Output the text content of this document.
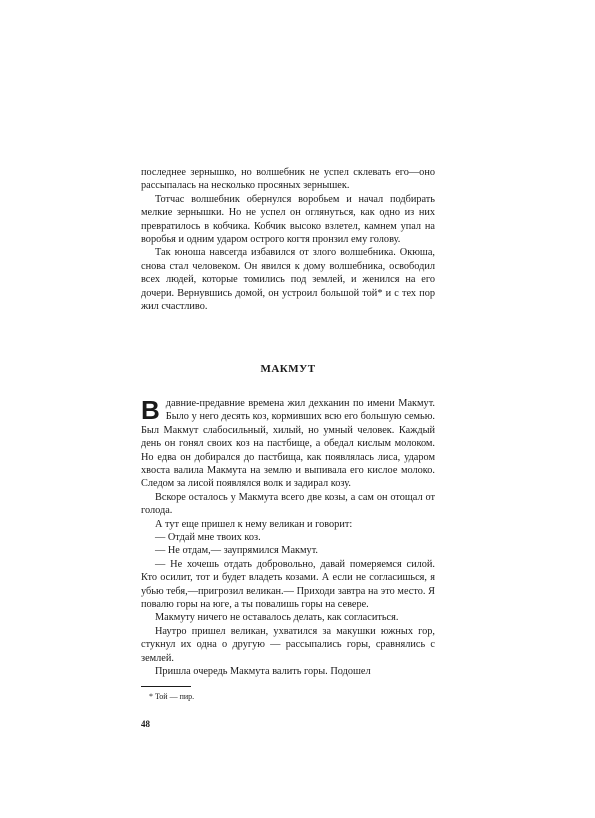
последнее зернышко, но волшебник не успел склевать его—оно рассыпалась на несколько просяных зернышек.

Тотчас волшебник обернулся воробьем и начал подбирать мелкие зернышки. Но не успел он оглянуться, как одно из них превратилось в кобчика. Кобчик высоко взлетел, камнем упал на воробья и одним ударом острого когтя пронзил ему голову.

Так юноша навсегда избавился от злого волшебника. Окюша, снова стал человеком. Он явился к дому волшебника, освободил всех людей, которые томились под землей, и женился на его дочери. Вернувшись домой, он устроил большой той* и с тех пор жил счастливо.

МАКМУТ

Вдавние-предавние времена жил дехканин по имени Макмут. Было у него десять коз, кормивших всю его большую семью. Был Макмут слабосильный, хилый, но умный человек. Каждый день он гонял своих коз на пастбище, а обедал кислым молоком. Но едва он добирался до пастбища, как появлялась лиса, ударом хвоста валила Макмута на землю и выпивала его кислое молоко. Следом за лисой появлялся волк и задирал козу.

Вскоре осталось у Макмута всего две козы, а сам он отощал от голода.

А тут еще пришел к нему великан и говорит:

— Отдай мне твоих коз.

— Не отдам,— заупрямился Макмут.

— Не хочешь отдать добровольно, давай померяемся силой. Кто осилит, тот и будет владеть козами. А если не согласишься, я убью тебя,—пригрозил великан.— Приходи завтра на это место. Я повалю горы на юге, а ты повалишь горы на севере.

Макмуту ничего не оставалось делать, как согласиться.

Наутро пришел великан, ухватился за макушки южных гор, стукнул их одна о другую — рассыпались горы, сравнялись с землей.

Пришла очередь Макмута валить горы. Подошел

* Той — пир.
48
